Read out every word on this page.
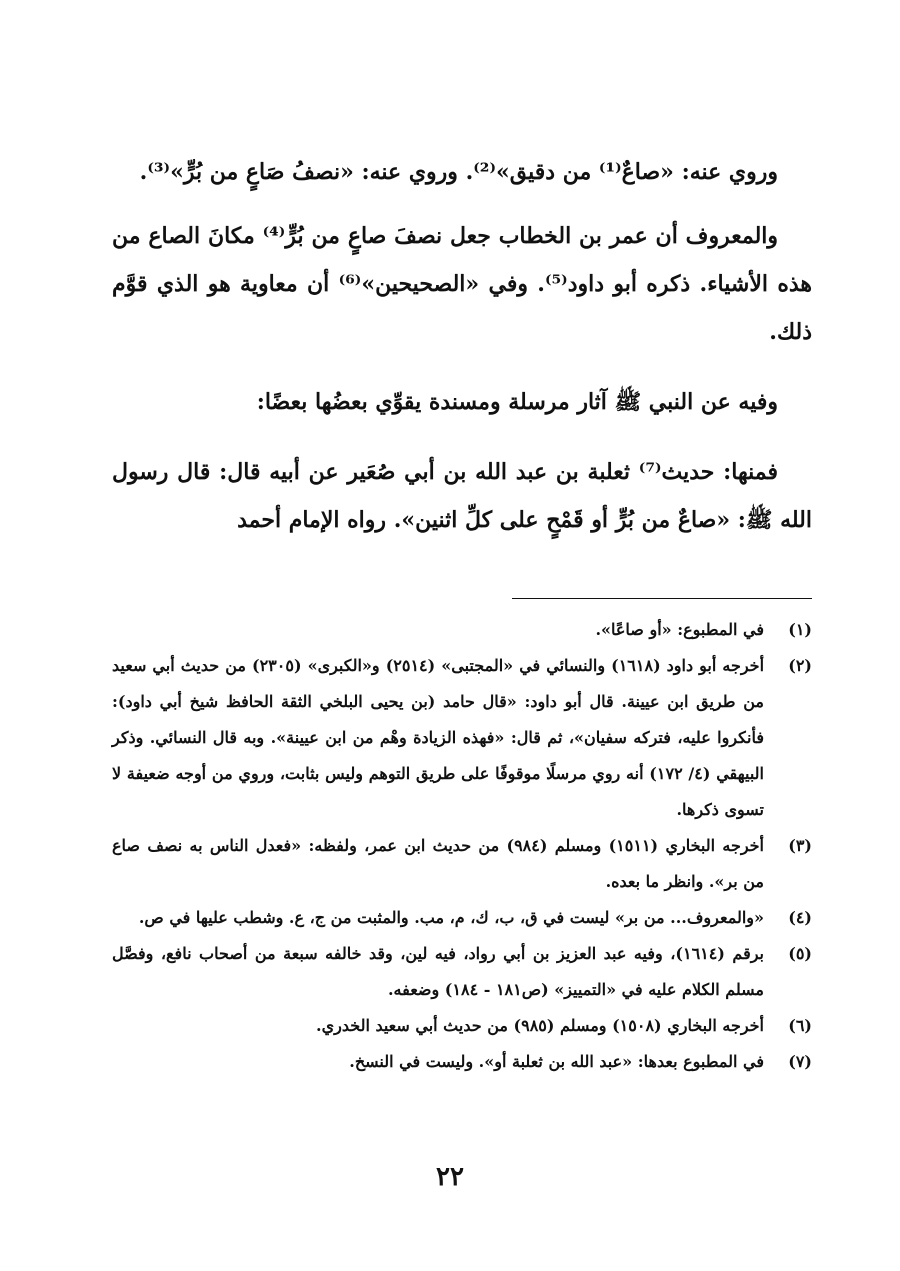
وروي عنه: «صاعٌ⁽¹⁾ من دقيق»⁽²⁾. وروي عنه: «نصفُ صَاعٍ من بُرٍّ»⁽³⁾.

والمعروف أن عمر بن الخطاب جعل نصفَ صاعٍ من بُرٍّ⁽⁴⁾ مكانَ الصاع من هذه الأشياء. ذكره أبو داود⁽⁵⁾. وفي «الصحيحين»⁽⁶⁾ أن معاوية هو الذي قوَّم ذلك.

وفيه عن النبي ﷺ آثار مرسلة ومسندة يقوِّي بعضُها بعضًا:

فمنها: حديث⁽⁷⁾ ثعلبة بن عبد الله بن أبي صُعَير عن أبيه قال: قال رسول الله ﷺ: «صاعٌ من بُرٍّ أو قَمْحٍ على كلِّ اثنين». رواه الإمام أحمد

(١)
في المطبوع: «أو صاعًا».
(٢)
أخرجه أبو داود (١٦١٨) والنسائي في «المجتبى» (٢٥١٤) و«الكبرى» (٢٣٠٥) من حديث أبي سعيد من طريق ابن عيينة. قال أبو داود: «قال حامد (بن يحيى البلخي الثقة الحافظ شيخ أبي داود): فأنكروا عليه، فتركه سفيان»، ثم قال: «فهذه الزيادة وهْم من ابن عيينة». وبه قال النسائي. وذكر البيهقي (٤/ ١٧٢) أنه روي مرسلًا موقوفًا على طريق التوهم وليس بثابت، وروي من أوجه ضعيفة لا تسوى ذكرها.
(٣)
أخرجه البخاري (١٥١١) ومسلم (٩٨٤) من حديث ابن عمر، ولفظه: «فعدل الناس به نصف صاع من بر». وانظر ما بعده.
(٤)
«والمعروف... من بر» ليست في ق، ب، ك، م، مب. والمثبت من ج، ع. وشطب عليها في ص.
(٥)
برقم (١٦١٤)، وفيه عبد العزيز بن أبي رواد، فيه لين، وقد خالفه سبعة من أصحاب نافع، وفصَّل مسلم الكلام عليه في «التمييز» (ص١٨١ - ١٨٤) وضعفه.
(٦)
أخرجه البخاري (١٥٠٨) ومسلم (٩٨٥) من حديث أبي سعيد الخدري.
(٧)
في المطبوع بعدها: «عبد الله بن ثعلبة أو». وليست في النسخ.
٢٢
